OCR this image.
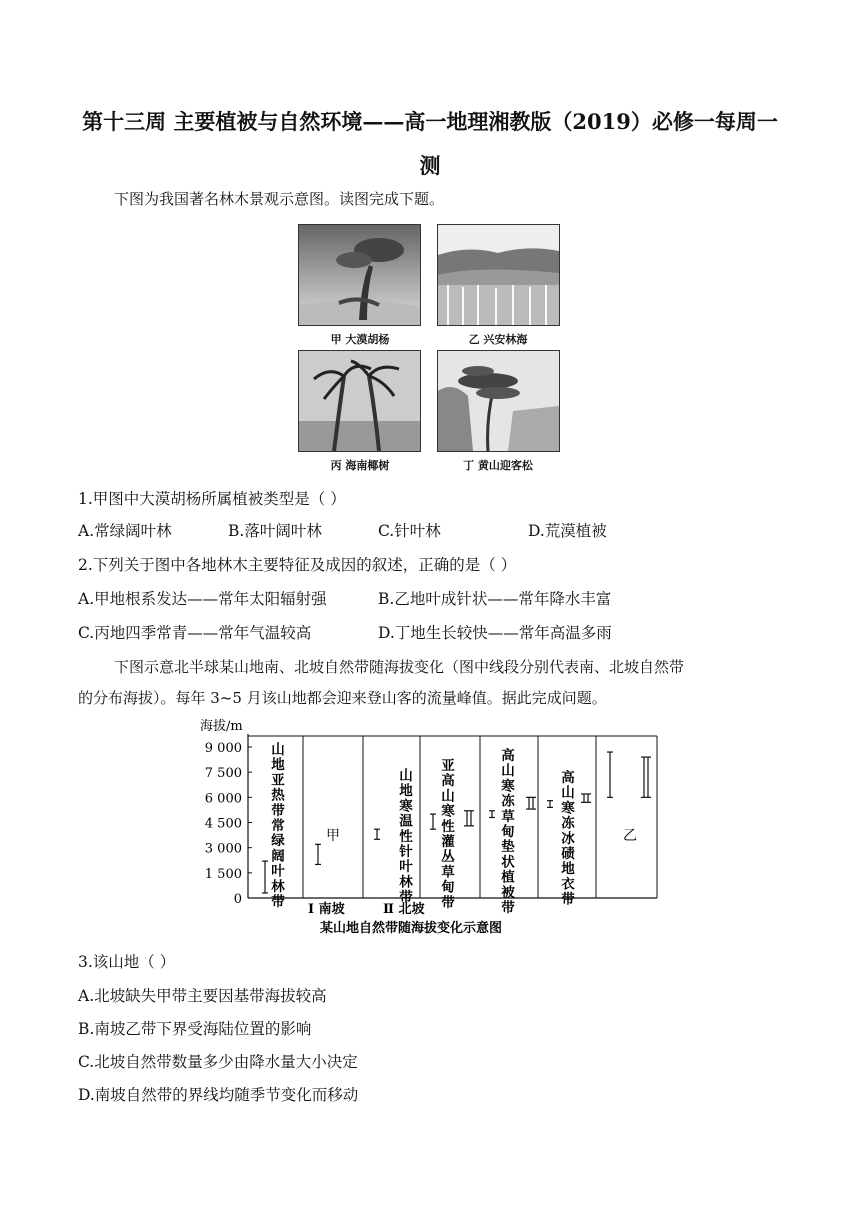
第十三周 主要植被与自然环境——高一地理湘教版（2019）必修一每周一
测
下图为我国著名林木景观示意图。读图完成下题。
甲 大漠胡杨	乙 兴安林海
丙 海南椰树	丁 黄山迎客松
1.甲图中大漠胡杨所属植被类型是（ ）
A.常绿阔叶林	B.落叶阔叶林	C.针叶林	D.荒漠植被
2.下列关于图中各地林木主要特征及成因的叙述，正确的是（ ）
A.甲地根系发达——常年太阳辐射强	B.乙地叶成针状——常年降水丰富
C.丙地四季常青——常年气温较高	D.丁地生长较快——常年高温多雨
下图示意北半球某山地南、北坡自然带随海拔变化（图中线段分别代表南、北坡自然带
的分布海拔）。每年 3~5 月该山地都会迎来登山客的流量峰值。据此完成问题。
海拔/m
0
1 500
3 000
4 500
6 000
7 500
9 000 山地亚热带常绿阔叶林带
甲
山地寒温性针叶林带
亚高山寒性灌丛草甸带
高山寒冻草甸垫状植被带
高山寒冻冰碛地衣带
乙
Ⅰ 南坡	Ⅱ 北坡
某山地自然带随海拔变化示意图
3.该山地（ ）
A.北坡缺失甲带主要因基带海拔较高
B.南坡乙带下界受海陆位置的影响
C.北坡自然带数量多少由降水量大小决定
D.南坡自然带的界线均随季节变化而移动
